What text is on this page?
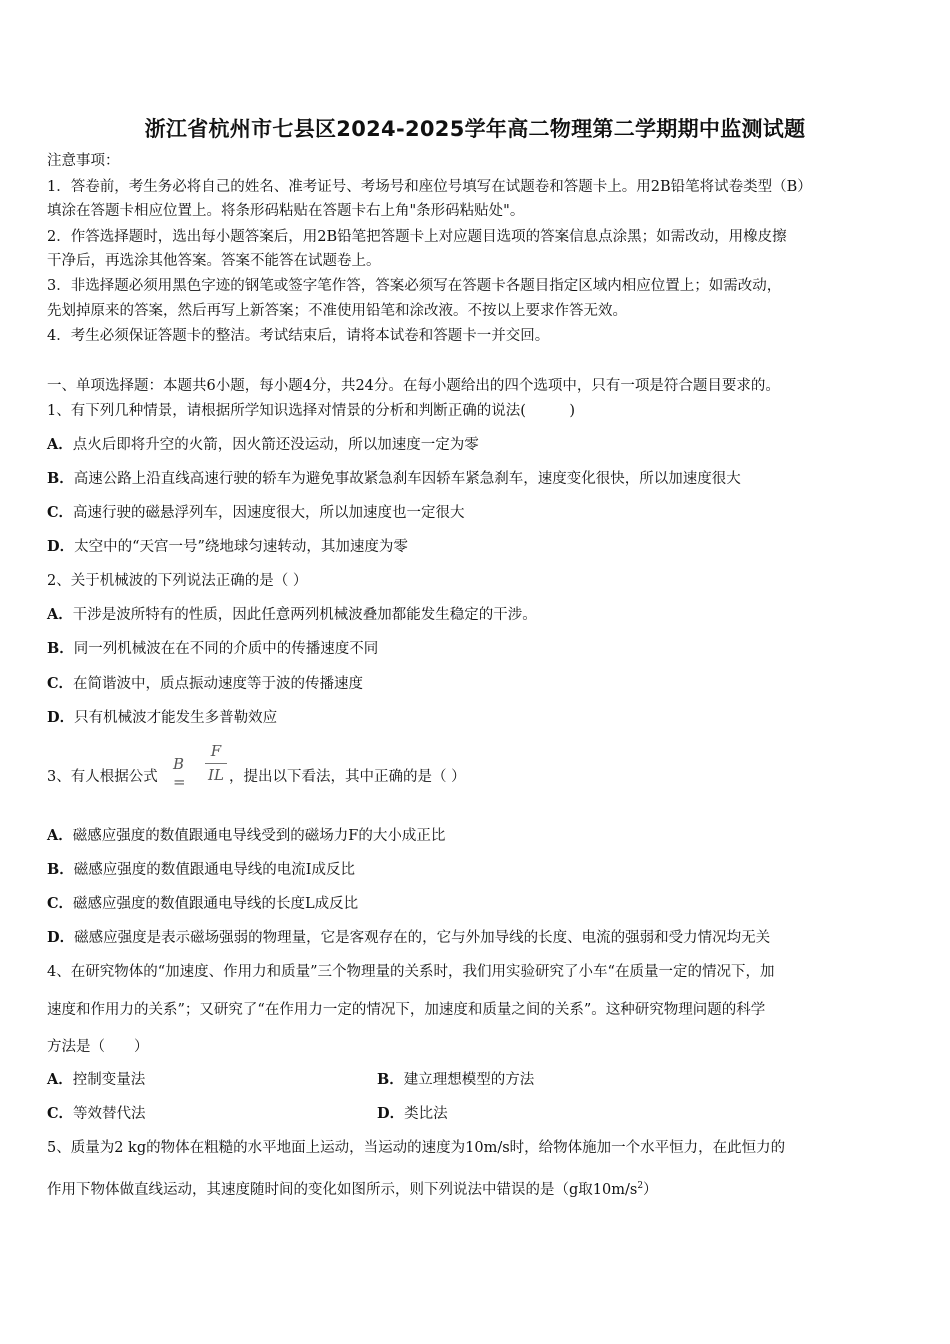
浙江省杭州市七县区2024-2025学年高二物理第二学期期中监测试题
注意事项：
1．答卷前，考生务必将自己的姓名、准考证号、考场号和座位号填写在试题卷和答题卡上。用2B铅笔将试卷类型（B）
填涂在答题卡相应位置上。将条形码粘贴在答题卡右上角"条形码粘贴处"。
2．作答选择题时，选出每小题答案后，用2B铅笔把答题卡上对应题目选项的答案信息点涂黑；如需改动，用橡皮擦
干净后，再选涂其他答案。答案不能答在试题卷上。
3．非选择题必须用黑色字迹的钢笔或签字笔作答，答案必须写在答题卡各题目指定区域内相应位置上；如需改动，
先划掉原来的答案，然后再写上新答案；不准使用铅笔和涂改液。不按以上要求作答无效。
4．考生必须保证答题卡的整洁。考试结束后，请将本试卷和答题卡一并交回。
一、单项选择题：本题共6小题，每小题4分，共24分。在每小题给出的四个选项中，只有一项是符合题目要求的。
1、有下列几种情景，请根据所学知识选择对情景的分析和判断正确的说法(　　　)
A．点火后即将升空的火箭，因火箭还没运动，所以加速度一定为零
B．高速公路上沿直线高速行驶的轿车为避免事故紧急刹车因轿车紧急刹车，速度变化很快，所以加速度很大
C．高速行驶的磁悬浮列车，因速度很大，所以加速度也一定很大
D．太空中的“天宫一号”绕地球匀速转动，其加速度为零
2、关于机械波的下列说法正确的是（ ）
A．干涉是波所特有的性质，因此任意两列机械波叠加都能发生稳定的干涉。
B．同一列机械波在在不同的介质中的传播速度不同
C．在简谐波中，质点振动速度等于波的传播速度
D．只有机械波才能发生多普勒效应
3、有人根据公式
B =
F
IL ，提出以下看法，其中正确的是（ ）
A．磁感应强度的数值跟通电导线受到的磁场力F的大小成正比
B．磁感应强度的数值跟通电导线的电流I成反比
C．磁感应强度的数值跟通电导线的长度L成反比
D．磁感应强度是表示磁场强弱的物理量，它是客观存在的，它与外加导线的长度、电流的强弱和受力情况均无关
4、在研究物体的“加速度、作用力和质量”三个物理量的关系时，我们用实验研究了小车“在质量一定的情况下，加
速度和作用力的关系”；又研究了“在作用力一定的情况下，加速度和质量之间的关系”。这种研究物理问题的科学
方法是（　　）
A．控制变量法	B．建立理想模型的方法
C．等效替代法	D．类比法
5、质量为2 kg的物体在粗糙的水平地面上运动，当运动的速度为10m/s时，给物体施加一个水平恒力，在此恒力的
作用下物体做直线运动，其速度随时间的变化如图所示，则下列说法中错误的是（g取$10m/s^2$）
